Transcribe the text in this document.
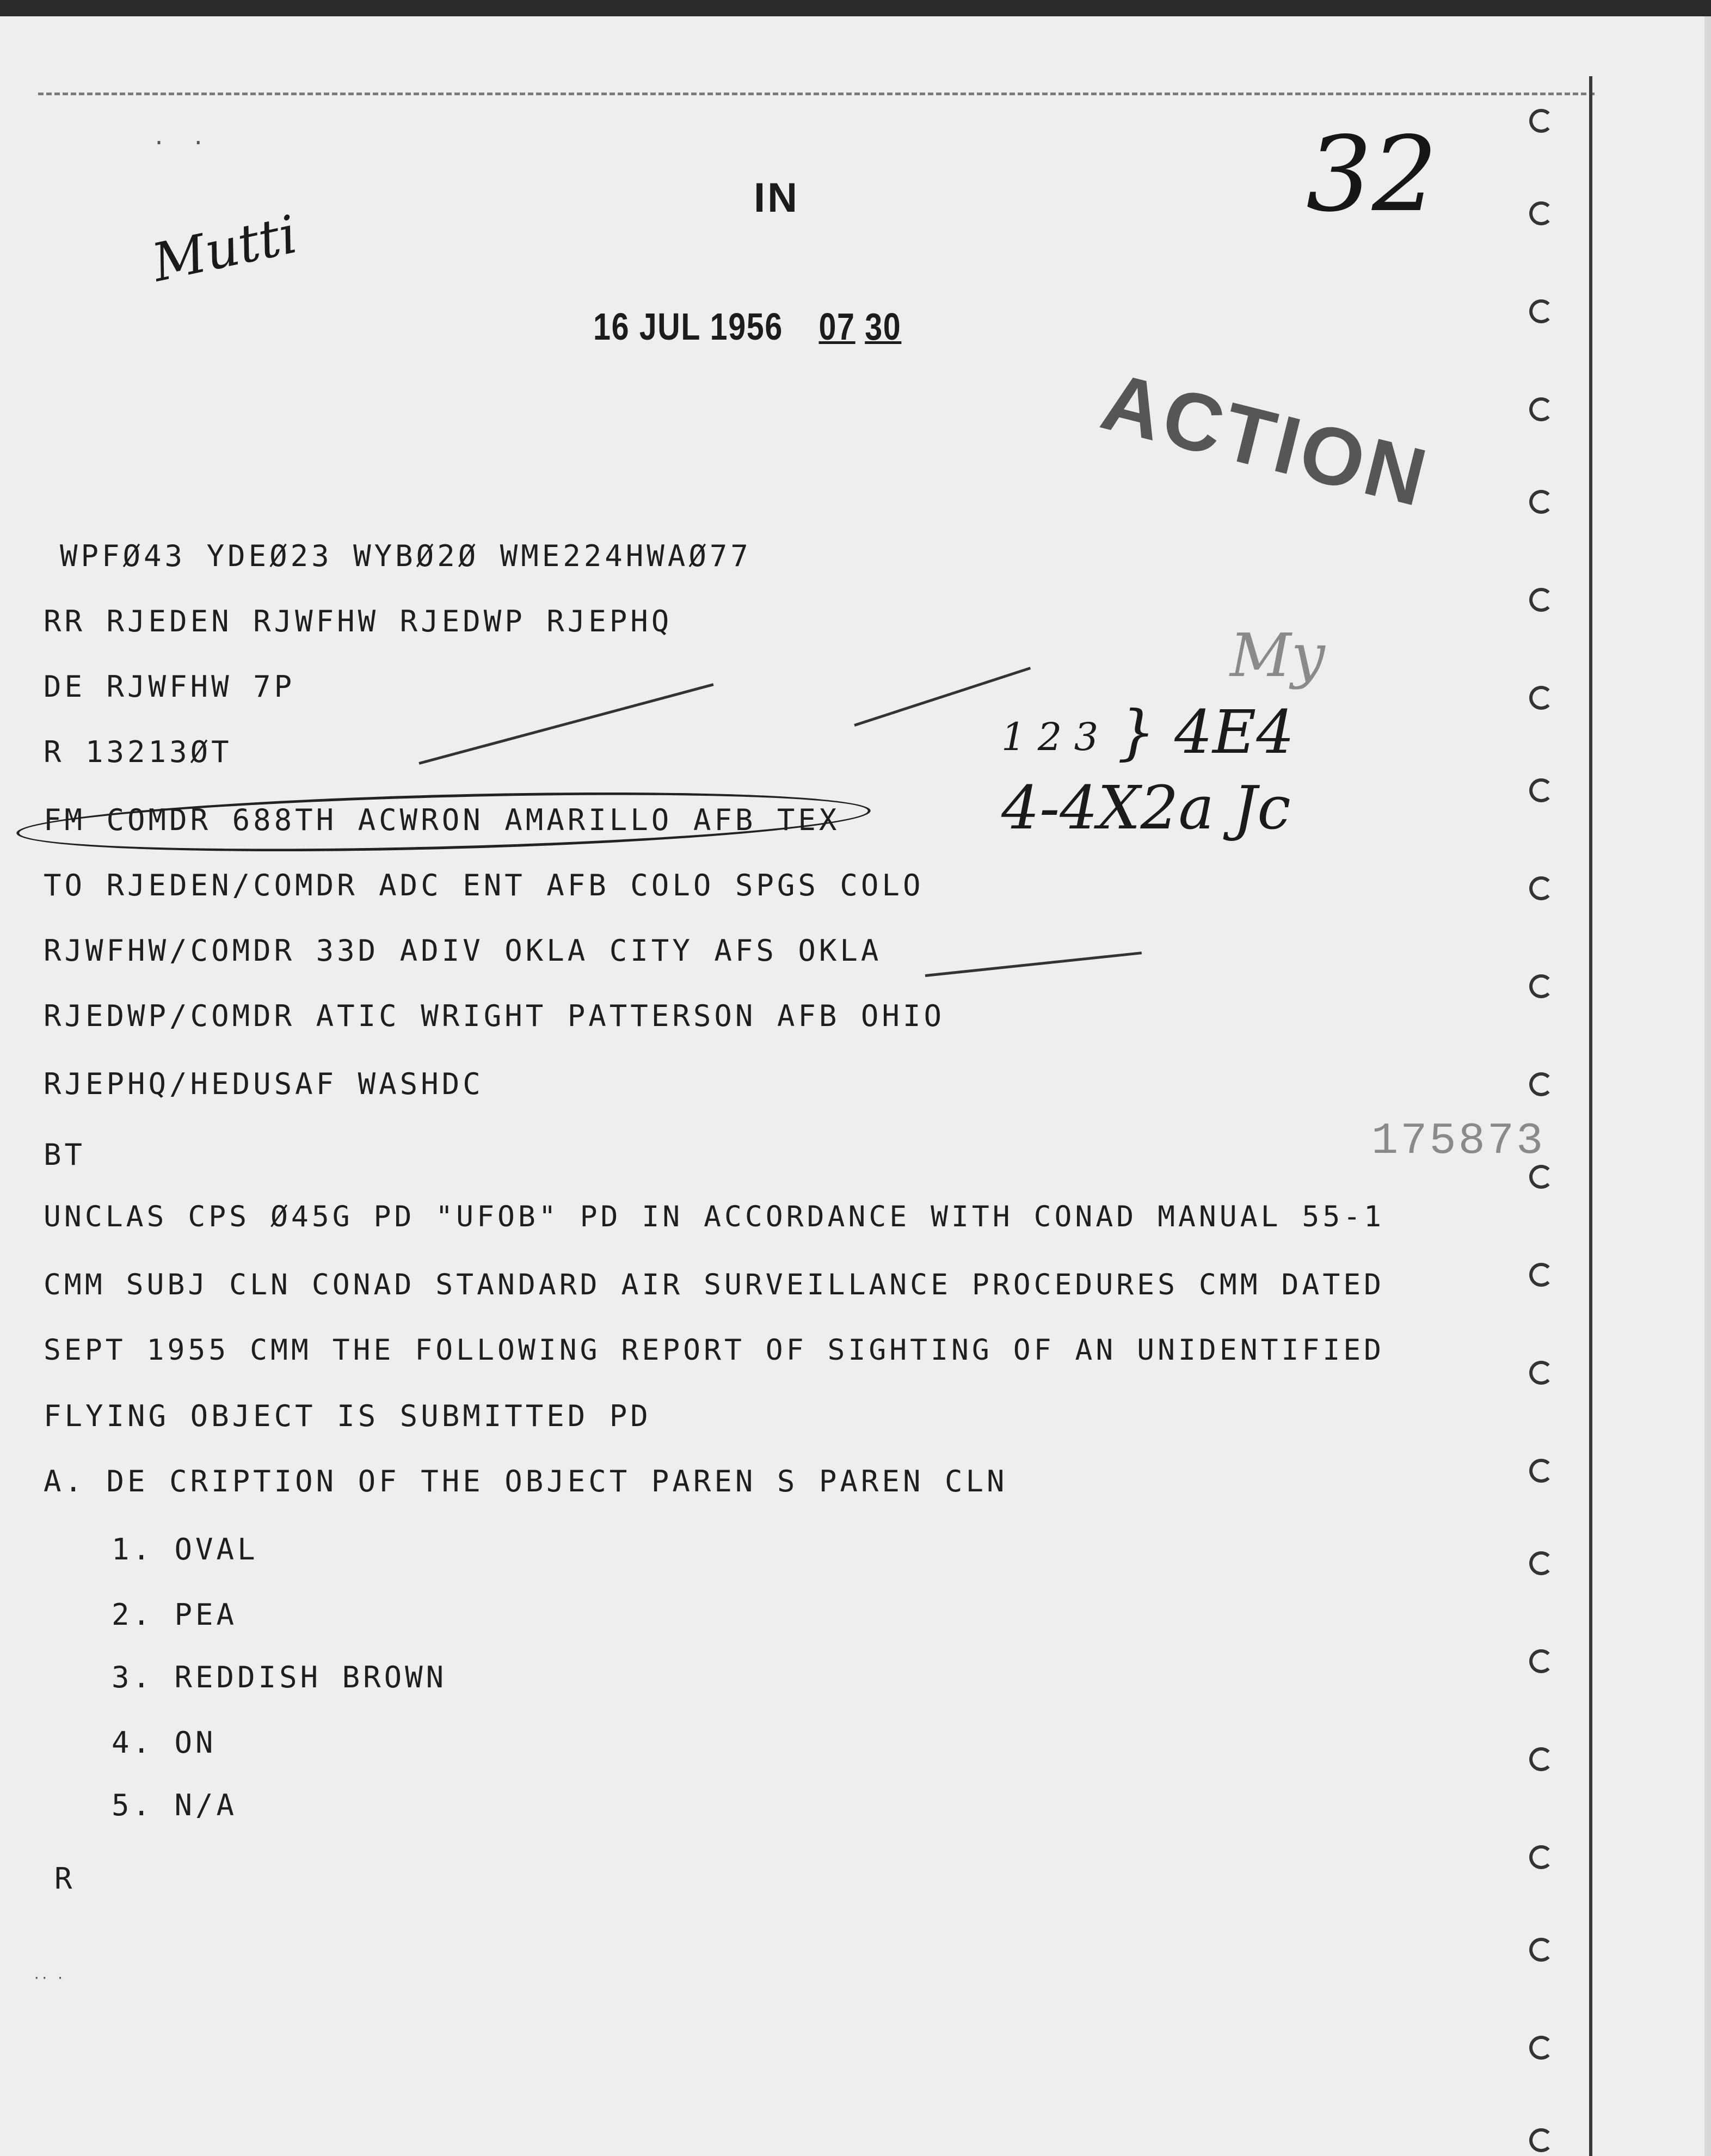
·  ·
·· ·
IN
16 JUL 1956 07 30
ACTION
32
Mutti
My
1 2 3 } 4E4
4-4X2a Jc
175873
WPFØ43 YDEØ23 WYBØ2Ø WME224HWAØ77
RR RJEDEN RJWFHW RJEDWP RJEPHQ
DE RJWFHW 7P
R 13213ØT
FM COMDR 688TH ACWRON AMARILLO AFB TEX
TO RJEDEN/COMDR ADC ENT AFB COLO SPGS COLO
RJWFHW/COMDR 33D ADIV OKLA CITY AFS OKLA
RJEDWP/COMDR ATIC WRIGHT PATTERSON AFB OHIO
RJEPHQ/HEDUSAF WASHDC
BT
UNCLAS CPS Ø45G PD "UFOB" PD IN ACCORDANCE WITH CONAD MANUAL 55-1
CMM SUBJ CLN CONAD STANDARD AIR SURVEILLANCE PROCEDURES CMM DATED
SEPT 1955 CMM THE FOLLOWING REPORT OF SIGHTING OF AN UNIDENTIFIED
FLYING OBJECT IS SUBMITTED PD
A. DE CRIPTION OF THE OBJECT PAREN S PAREN CLN
1. OVAL
2. PEA
3. REDDISH BROWN
4. ON
5. N/A
R
